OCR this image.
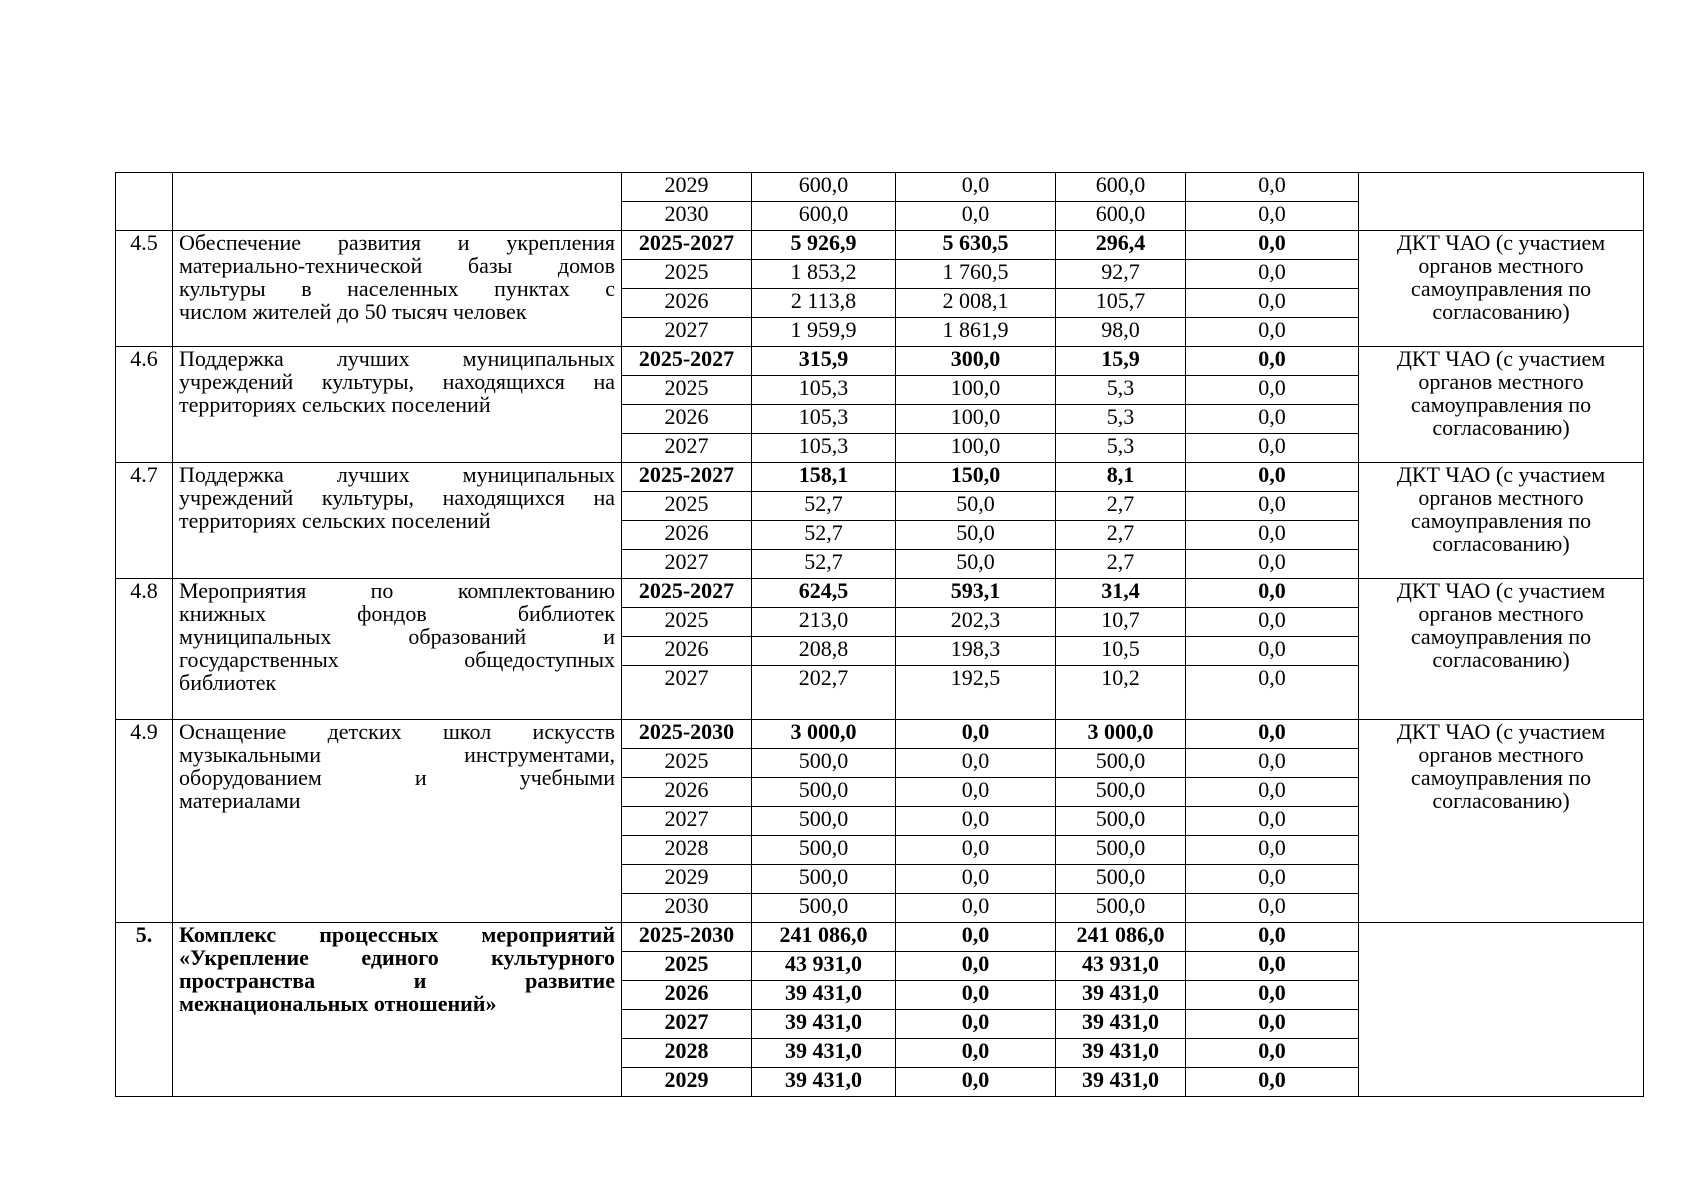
		2029	600,0	0,0	600,0	0,0	
		2030	600,0	0,0	600,0	0,0	
4.5	Обеспечение развития и укрепления
материально-технической базы домов
культуры в населенных пунктах с
числом жителей до 50 тысяч человек	2025-2027	5 926,9	5 630,5	296,4	0,0	ДКТ ЧАО (с участием органов местного самоуправления по согласованию)
		2025	1 853,2	1 760,5	92,7	0,0	
		2026	2 113,8	2 008,1	105,7	0,0	
		2027	1 959,9	1 861,9	98,0	0,0	
4.6	Поддержка лучших муниципальных
учреждений культуры, находящихся на
территориях сельских поселений	2025-2027	315,9	300,0	15,9	0,0	ДКТ ЧАО (с участием органов местного самоуправления по согласованию)
		2025	105,3	100,0	5,3	0,0	
		2026	105,3	100,0	5,3	0,0	
		2027	105,3	100,0	5,3	0,0	
4.7	Поддержка лучших муниципальных
учреждений культуры, находящихся на
территориях сельских поселений	2025-2027	158,1	150,0	8,1	0,0	ДКТ ЧАО (с участием органов местного самоуправления по согласованию)
		2025	52,7	50,0	2,7	0,0	
		2026	52,7	50,0	2,7	0,0	
		2027	52,7	50,0	2,7	0,0	
4.8	Мероприятия по комплектованию
книжных фондов библиотек
муниципальных образований и
государственных общедоступных
библиотек	2025-2027	624,5	593,1	31,4	0,0	ДКТ ЧАО (с участием органов местного самоуправления по согласованию)
		2025	213,0	202,3	10,7	0,0	
		2026	208,8	198,3	10,5	0,0	
		2027	202,7	192,5	10,2	0,0	
4.9	Оснащение детских школ искусств
музыкальными инструментами,
оборудованием и учебными
материалами	2025-2030	3 000,0	0,0	3 000,0	0,0	ДКТ ЧАО (с участием органов местного самоуправления по согласованию)
		2025	500,0	0,0	500,0	0,0	
		2026	500,0	0,0	500,0	0,0	
		2027	500,0	0,0	500,0	0,0	
		2028	500,0	0,0	500,0	0,0	
		2029	500,0	0,0	500,0	0,0	
		2030	500,0	0,0	500,0	0,0	
5.	Комплекс процессных мероприятий
«Укрепление единого культурного
пространства и развитие
межнациональных отношений»	2025-2030	241 086,0	0,0	241 086,0	0,0	
		2025	43 931,0	0,0	43 931,0	0,0	
		2026	39 431,0	0,0	39 431,0	0,0	
		2027	39 431,0	0,0	39 431,0	0,0	
		2028	39 431,0	0,0	39 431,0	0,0	
		2029	39 431,0	0,0	39 431,0	0,0	
